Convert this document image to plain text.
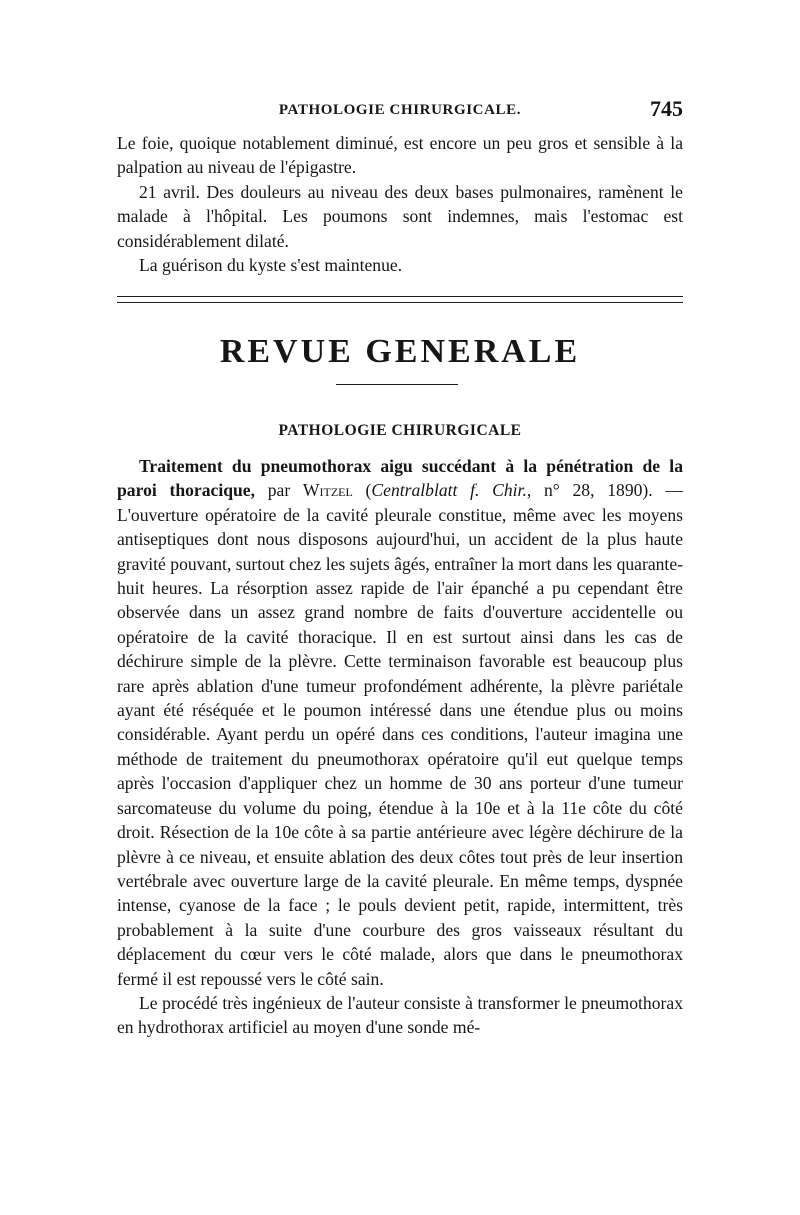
PATHOLOGIE CHIRURGICALE.	745

Le foie, quoique notablement diminué, est encore un peu gros et sensible à la palpation au niveau de l'épigastre.

21 avril. Des douleurs au niveau des deux bases pulmonaires, ramènent le malade à l'hôpital. Les poumons sont indemnes, mais l'estomac est considérablement dilaté.

La guérison du kyste s'est maintenue.

REVUE GENERALE
PATHOLOGIE CHIRURGICALE

Traitement du pneumothorax aigu succédant à la pénétration de la paroi thoracique, par Witzel (Centralblatt f. Chir., n° 28, 1890). — L'ouverture opératoire de la cavité pleurale constitue, même avec les moyens antiseptiques dont nous disposons aujourd'hui, un accident de la plus haute gravité pouvant, surtout chez les sujets âgés, entraîner la mort dans les quarante-huit heures. La résorption assez rapide de l'air épanché a pu cependant être observée dans un assez grand nombre de faits d'ouverture accidentelle ou opératoire de la cavité thoracique. Il en est surtout ainsi dans les cas de déchirure simple de la plèvre. Cette terminaison favorable est beaucoup plus rare après ablation d'une tumeur profondément adhérente, la plèvre pariétale ayant été réséquée et le poumon intéressé dans une étendue plus ou moins considérable. Ayant perdu un opéré dans ces conditions, l'auteur imagina une méthode de traitement du pneumothorax opératoire qu'il eut quelque temps après l'occasion d'appliquer chez un homme de 30 ans porteur d'une tumeur sarcomateuse du volume du poing, étendue à la 10e et à la 11e côte du côté droit. Résection de la 10e côte à sa partie antérieure avec légère déchirure de la plèvre à ce niveau, et ensuite ablation des deux côtes tout près de leur insertion vertébrale avec ouverture large de la cavité pleurale. En même temps, dyspnée intense, cyanose de la face ; le pouls devient petit, rapide, intermittent, très probablement à la suite d'une courbure des gros vaisseaux résultant du déplacement du cœur vers le côté malade, alors que dans le pneumothorax fermé il est repoussé vers le côté sain.

Le procédé très ingénieux de l'auteur consiste à transformer le pneumothorax en hydrothorax artificiel au moyen d'une sonde mé-
